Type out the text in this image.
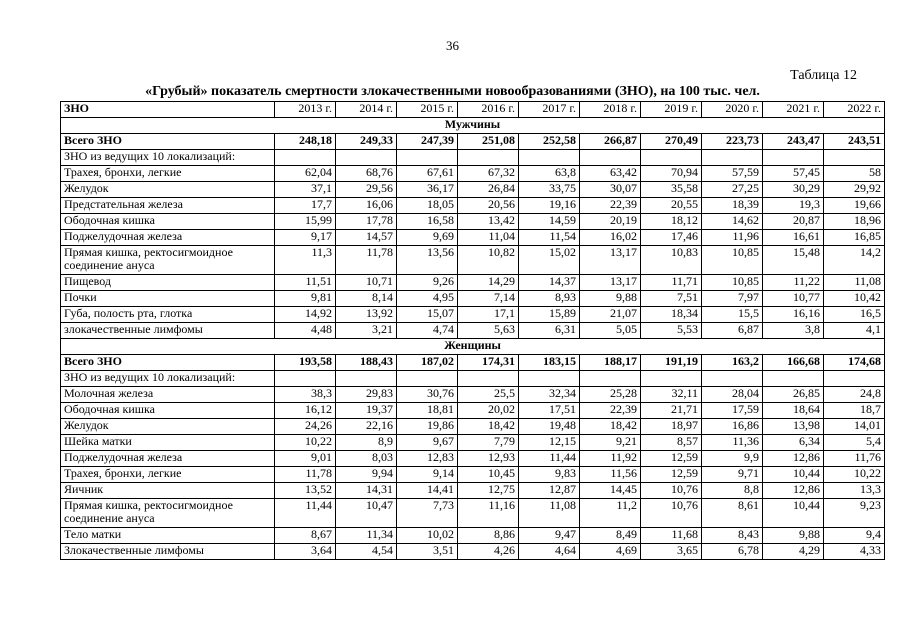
36
Таблица 12
«Грубый» показатель смертности злокачественными новообразованиями (ЗНО), на 100 тыс. чел.
ЗНО	2013 г.	2014 г.	2015 г.	2016 г.	2017 г.	2018 г.	2019 г.	2020 г.	2021 г.	2022 г.
Мужчины										
Всего ЗНО	248,18	249,33	247,39	251,08	252,58	266,87	270,49	223,73	243,47	243,51
ЗНО из ведущих 10 локализаций:										
Трахея, бронхи, легкие	62,04	68,76	67,61	67,32	63,8	63,42	70,94	57,59	57,45	58
Желудок	37,1	29,56	36,17	26,84	33,75	30,07	35,58	27,25	30,29	29,92
Предстательная железа	17,7	16,06	18,05	20,56	19,16	22,39	20,55	18,39	19,3	19,66
Ободочная кишка	15,99	17,78	16,58	13,42	14,59	20,19	18,12	14,62	20,87	18,96
Поджелудочная железа	9,17	14,57	9,69	11,04	11,54	16,02	17,46	11,96	16,61	16,85
Прямая кишка, ректосигмоидное соединение ануса	11,3	11,78	13,56	10,82	15,02	13,17	10,83	10,85	15,48	14,2
Пищевод	11,51	10,71	9,26	14,29	14,37	13,17	11,71	10,85	11,22	11,08
Почки	9,81	8,14	4,95	7,14	8,93	9,88	7,51	7,97	10,77	10,42
Губа, полость рта, глотка	14,92	13,92	15,07	17,1	15,89	21,07	18,34	15,5	16,16	16,5
злокачественные лимфомы	4,48	3,21	4,74	5,63	6,31	5,05	5,53	6,87	3,8	4,1
Женщины										
Всего ЗНО	193,58	188,43	187,02	174,31	183,15	188,17	191,19	163,2	166,68	174,68
ЗНО из ведущих 10 локализаций:										
Молочная железа	38,3	29,83	30,76	25,5	32,34	25,28	32,11	28,04	26,85	24,8
Ободочная кишка	16,12	19,37	18,81	20,02	17,51	22,39	21,71	17,59	18,64	18,7
Желудок	24,26	22,16	19,86	18,42	19,48	18,42	18,97	16,86	13,98	14,01
Шейка матки	10,22	8,9	9,67	7,79	12,15	9,21	8,57	11,36	6,34	5,4
Поджелудочная железа	9,01	8,03	12,83	12,93	11,44	11,92	12,59	9,9	12,86	11,76
Трахея, бронхи, легкие	11,78	9,94	9,14	10,45	9,83	11,56	12,59	9,71	10,44	10,22
Яичник	13,52	14,31	14,41	12,75	12,87	14,45	10,76	8,8	12,86	13,3
Прямая кишка, ректосигмоидное соединение ануса	11,44	10,47	7,73	11,16	11,08	11,2	10,76	8,61	10,44	9,23
Тело матки	8,67	11,34	10,02	8,86	9,47	8,49	11,68	8,43	9,88	9,4
Злокачественные лимфомы	3,64	4,54	3,51	4,26	4,64	4,69	3,65	6,78	4,29	4,33
